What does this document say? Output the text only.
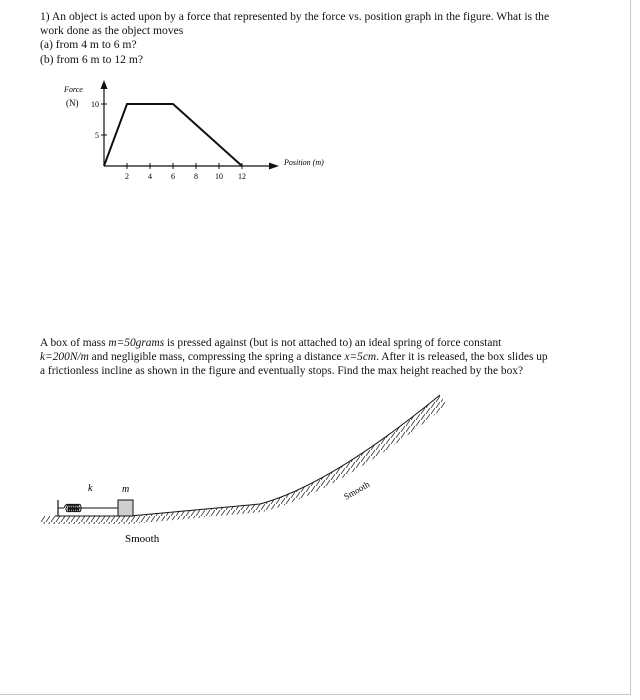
1) An object is acted upon by a force that represented by the force vs. position graph in the figure. What is the
work done as the object moves
(a) from 4 m to 6 m?
(b) from 6 m to 12 m?
Force
(N)
Position (m)
2 4 6 8 10 12
10
5
A box of mass m=50grams is pressed against (but is not attached to) an ideal spring of force constant
k=200N/m and negligible mass, compressing the spring a distance x=5cm. After it is released, the box slides up
a frictionless incline as shown in the figure and eventually stops. Find the max height reached by the box?
k	m
Smooth
Smooth
